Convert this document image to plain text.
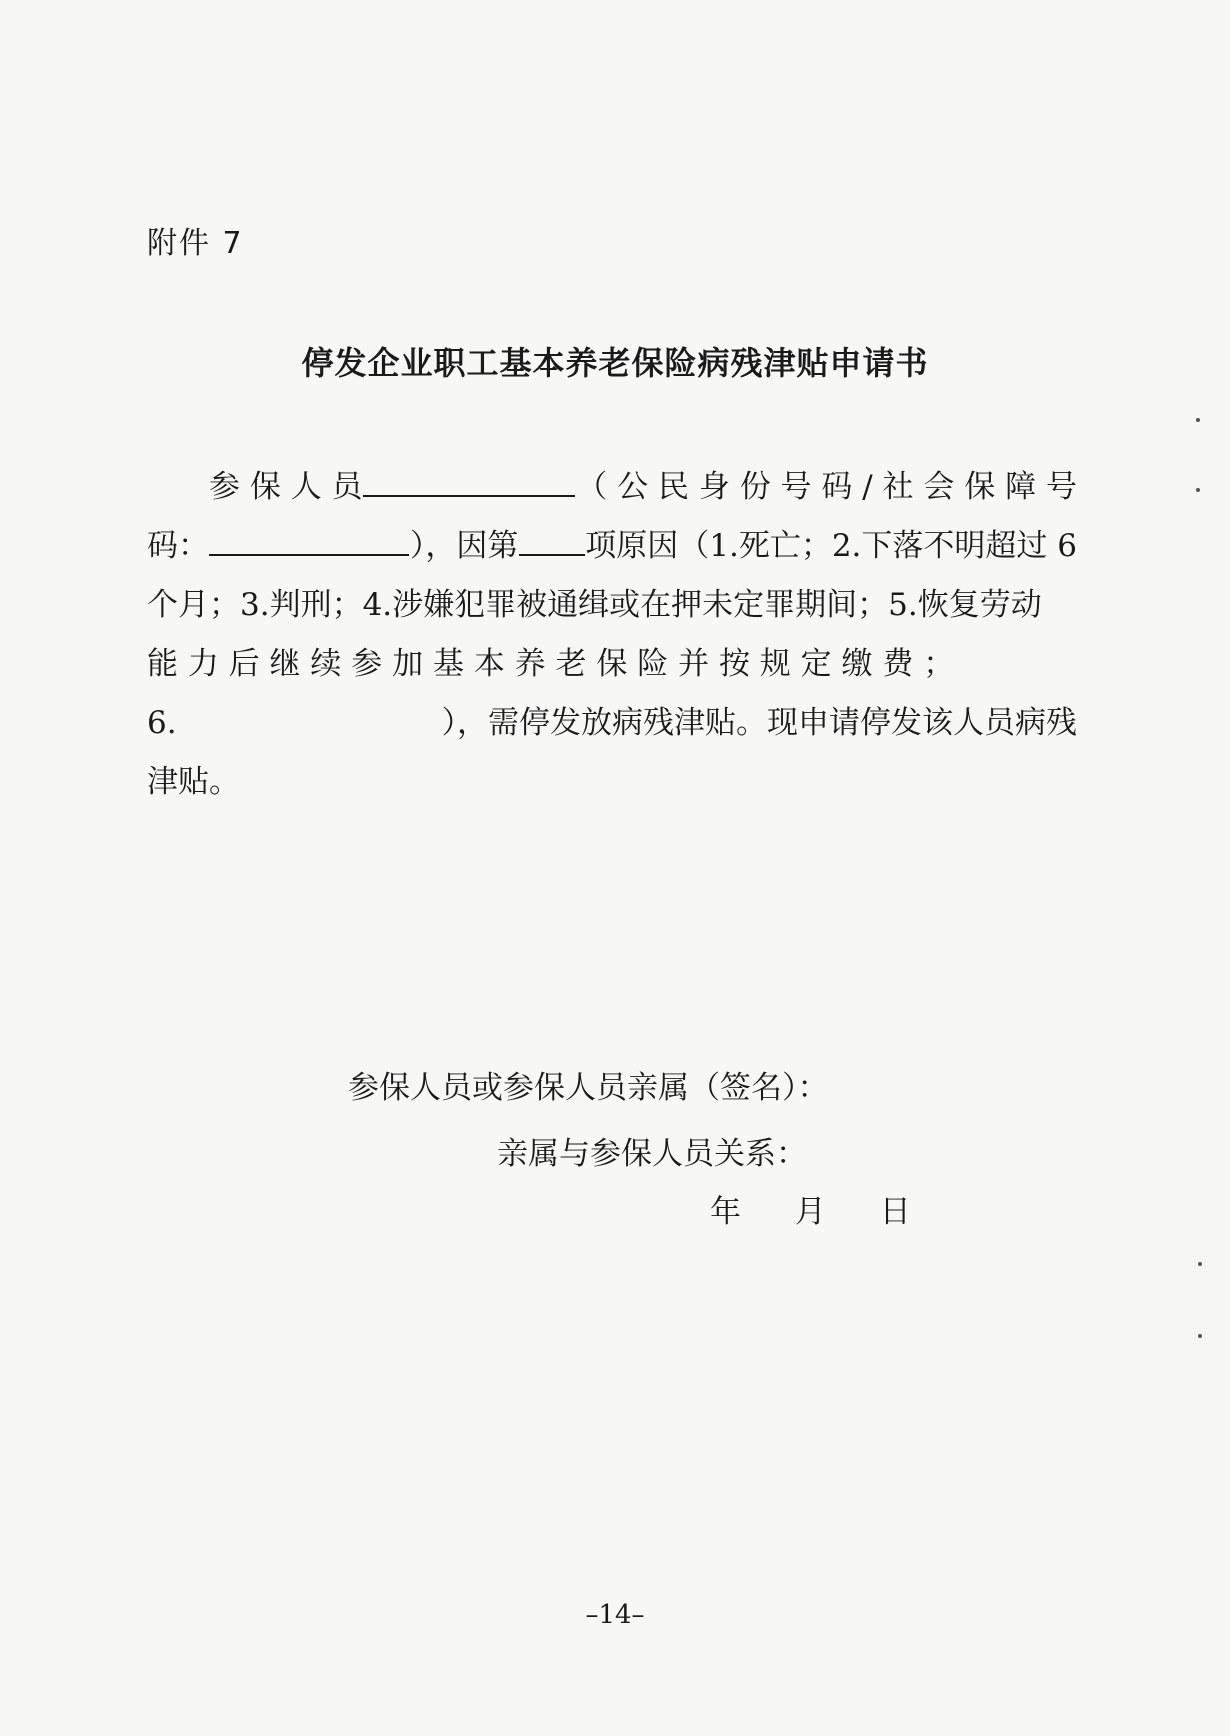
附件 7
停发企业职工基本养老保险病残津贴申请书
参 保 人 员	（ 公 民 身 份 号 码 / 社 会 保 障 号
码：	），因第 项原因（1.死亡；2.下落不明超过 6
个月；3.判刑；4.涉嫌犯罪被通缉或在押未定罪期间；5.恢复劳动
能 力 后 继 续 参 加 基 本 养 老 保 险 并 按 规 定 缴 费 ；
6.	），需停发放病残津贴。现申请停发该人员病残
津贴。
参保人员或参保人员亲属（签名）：
亲属与参保人员关系：
年 月 日
–14–
